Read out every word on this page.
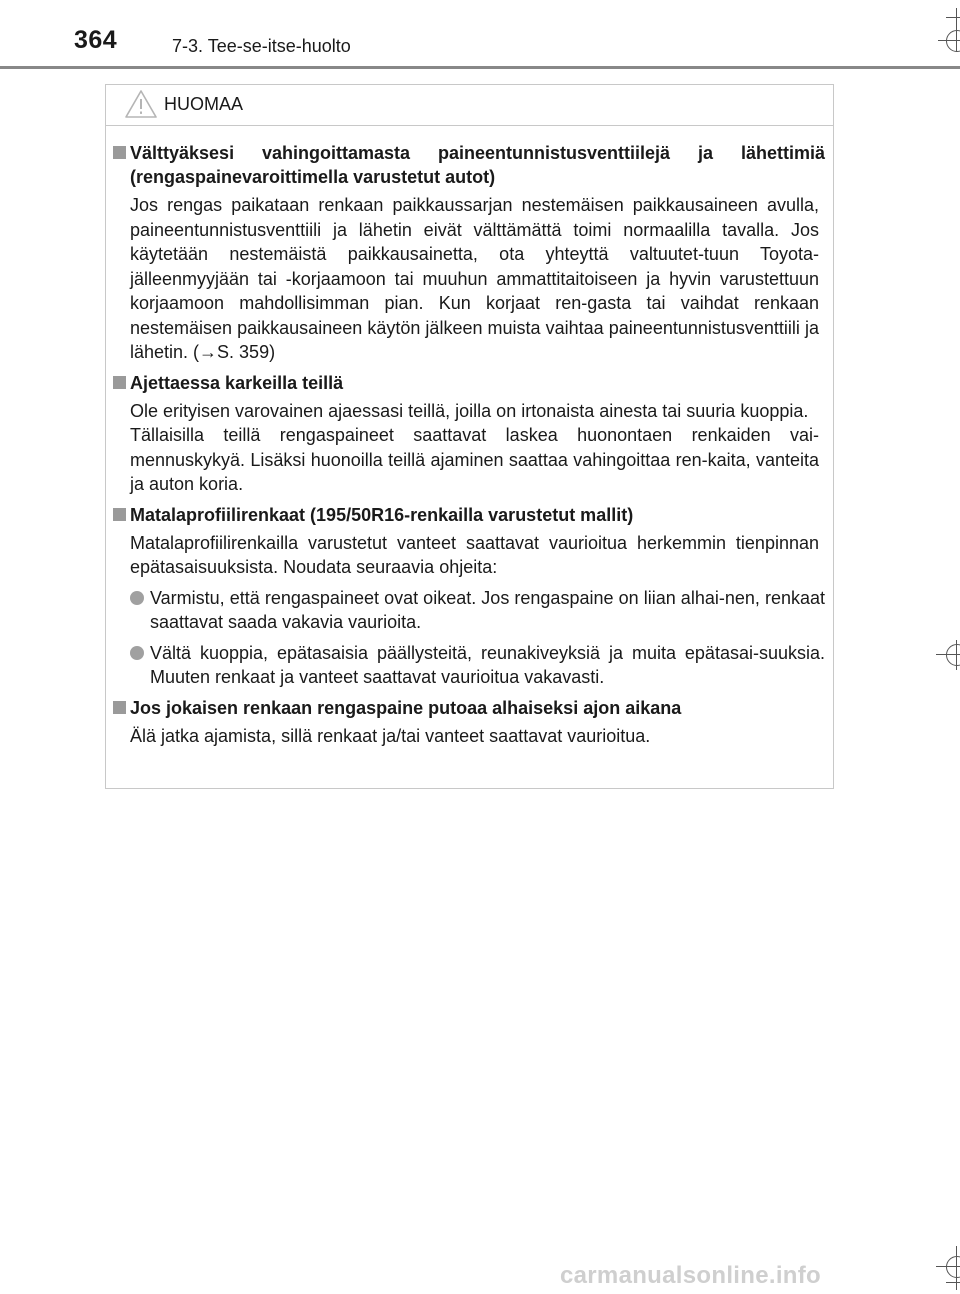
364	7-3. Tee-se-itse-huolto
HUOMAA
Välttyäksesi vahingoittamasta paineentunnistusventtiilejä ja lähettimiä (rengaspainevaroittimella varustetut autot)
Jos rengas paikataan renkaan paikkaussarjan nestemäisen paikkausaineen avulla, paineentunnistusventtiili ja lähetin eivät välttämättä toimi normaalilla tavalla. Jos käytetään nestemäistä paikkausainetta, ota yhteyttä valtuutet-tuun Toyota-jälleenmyyjään tai -korjaamoon tai muuhun ammattitaitoiseen ja hyvin varustettuun korjaamoon mahdollisimman pian. Kun korjaat ren-gasta tai vaihdat renkaan nestemäisen paikkausaineen käytön jälkeen muista vaihtaa paineentunnistusventtiili ja lähetin. (→S. 359)
Ajettaessa karkeilla teillä
Ole erityisen varovainen ajaessasi teillä, joilla on irtonaista ainesta tai suuria kuoppia.
Tällaisilla teillä rengaspaineet saattavat laskea huonontaen renkaiden vai-mennuskykyä. Lisäksi huonoilla teillä ajaminen saattaa vahingoittaa ren-kaita, vanteita ja auton koria.
Matalaprofiilirenkaat (195/50R16-renkailla varustetut mallit)
Matalaprofiilirenkailla varustetut vanteet saattavat vaurioitua herkemmin tienpinnan epätasaisuuksista. Noudata seuraavia ohjeita:
Varmistu, että rengaspaineet ovat oikeat. Jos rengaspaine on liian alhai-nen, renkaat saattavat saada vakavia vaurioita.
Vältä kuoppia, epätasaisia päällysteitä, reunakiveyksiä ja muita epätasai-suuksia. Muuten renkaat ja vanteet saattavat vaurioitua vakavasti.
Jos jokaisen renkaan rengaspaine putoaa alhaiseksi ajon aikana
Älä jatka ajamista, sillä renkaat ja/tai vanteet saattavat vaurioitua.
carmanualsonline.info
